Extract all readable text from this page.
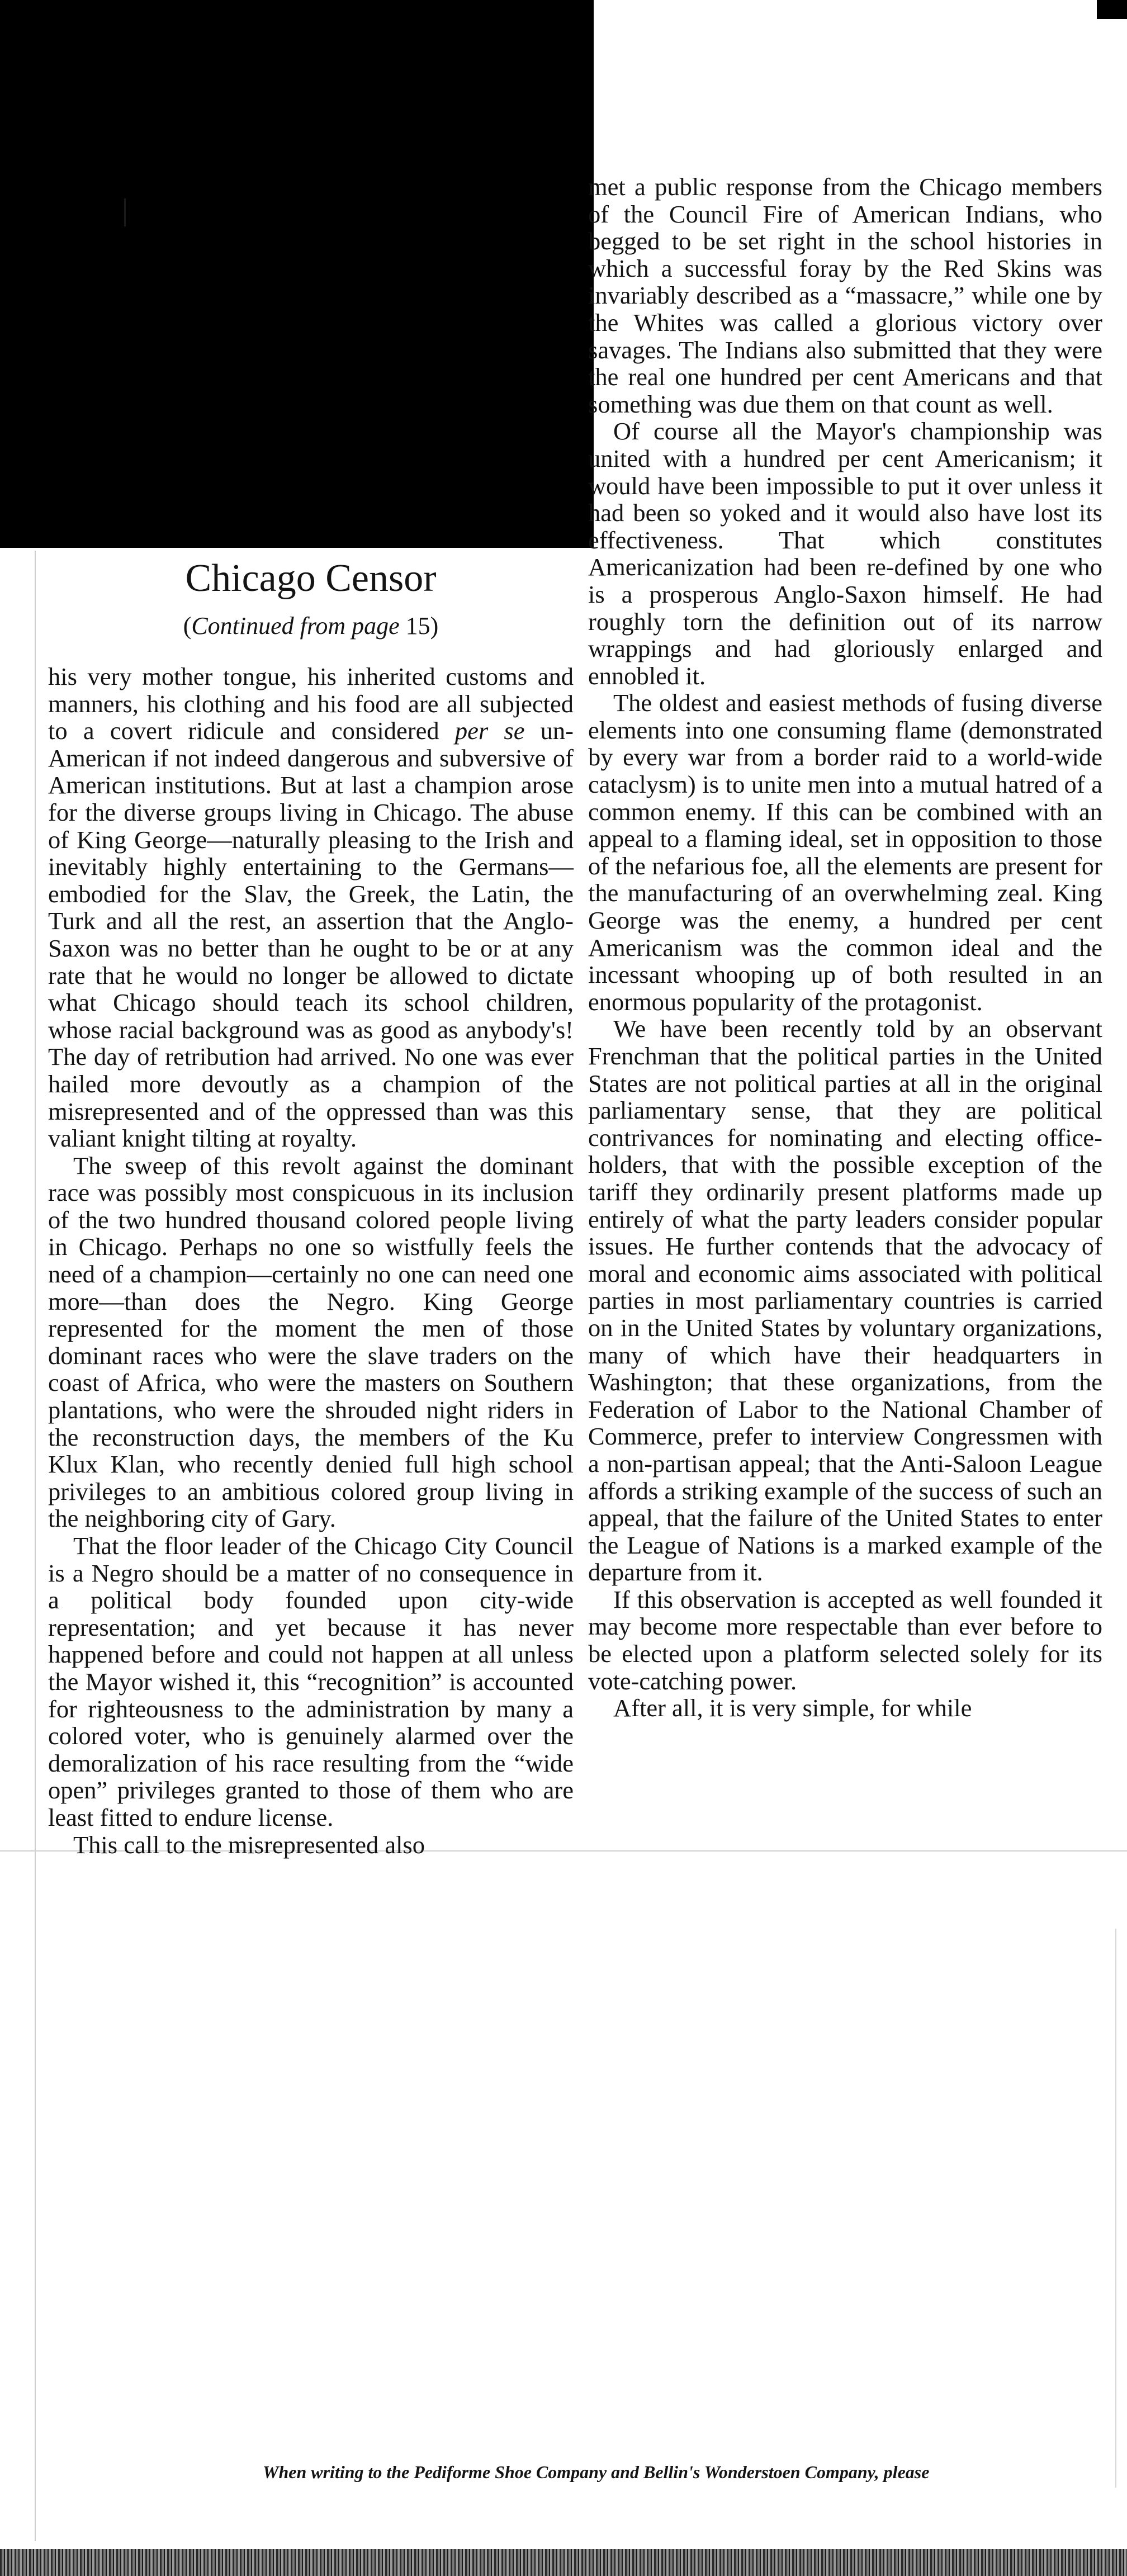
met a public response from the Chicago members of the Council Fire of American Indians, who begged to be set right in the school histories in which a successful foray by the Red Skins was invariably described as a “massacre,” while one by the Whites was called a glorious victory over savages. The Indians also submitted that they were the real one hundred per cent Americans and that something was due them on that count as well.

Of course all the Mayor's championship was united with a hundred per cent Americanism; it would have been impossible to put it over unless it had been so yoked and it would also have lost its effectiveness. That which constitutes Americanization had been re-defined by one who is a prosperous Anglo-Saxon himself. He had roughly torn the definition out of its narrow wrappings and had gloriously enlarged and ennobled it.

The oldest and easiest methods of fusing diverse elements into one consuming flame (demonstrated by every war from a border raid to a world-wide cataclysm) is to unite men into a mutual hatred of a common enemy. If this can be combined with an appeal to a flaming ideal, set in opposition to those of the nefarious foe, all the elements are present for the manufacturing of an overwhelming zeal. King George was the enemy, a hundred per cent Americanism was the common ideal and the incessant whooping up of both resulted in an enormous popularity of the protagonist.

We have been recently told by an observant Frenchman that the political parties in the United States are not political parties at all in the original parliamentary sense, that they are political contrivances for nominating and electing office-holders, that with the possible exception of the tariff they ordinarily present platforms made up entirely of what the party leaders consider popular issues. He further contends that the advocacy of moral and economic aims associated with political parties in most parliamentary countries is carried on in the United States by voluntary organizations, many of which have their headquarters in Washington; that these organizations, from the Federation of Labor to the National Chamber of Commerce, prefer to interview Congressmen with a non-partisan appeal; that the Anti-Saloon League affords a striking example of the success of such an appeal, that the failure of the United States to enter the League of Nations is a marked example of the departure from it.

If this observation is accepted as well founded it may become more respectable than ever before to be elected upon a platform selected solely for its vote-catching power.

After all, it is very simple, for while

Chicago Censor
(Continued from page 15)

his very mother tongue, his inherited customs and manners, his clothing and his food are all subjected to a covert ridicule and considered per se un-American if not indeed dangerous and subversive of American institutions. But at last a champion arose for the diverse groups living in Chicago. The abuse of King George—naturally pleasing to the Irish and inevitably highly entertaining to the Germans—embodied for the Slav, the Greek, the Latin, the Turk and all the rest, an assertion that the Anglo-Saxon was no better than he ought to be or at any rate that he would no longer be allowed to dictate what Chicago should teach its school children, whose racial background was as good as anybody's! The day of retribution had arrived. No one was ever hailed more devoutly as a champion of the misrepresented and of the oppressed than was this valiant knight tilting at royalty.

The sweep of this revolt against the dominant race was possibly most conspicuous in its inclusion of the two hundred thousand colored people living in Chicago. Perhaps no one so wistfully feels the need of a champion—certainly no one can need one more—than does the Negro. King George represented for the moment the men of those dominant races who were the slave traders on the coast of Africa, who were the masters on Southern plantations, who were the shrouded night riders in the reconstruction days, the members of the Ku Klux Klan, who recently denied full high school privileges to an ambitious colored group living in the neighboring city of Gary.

That the floor leader of the Chicago City Council is a Negro should be a matter of no consequence in a political body founded upon city-wide representation; and yet because it has never happened before and could not happen at all unless the Mayor wished it, this “recognition” is accounted for righteousness to the administration by many a colored voter, who is genuinely alarmed over the demoralization of his race resulting from the “wide open” privileges granted to those of them who are least fitted to endure license.

This call to the misrepresented also

When writing to the Pediforme Shoe Company and Bellin's Wonderstoen Company, please
